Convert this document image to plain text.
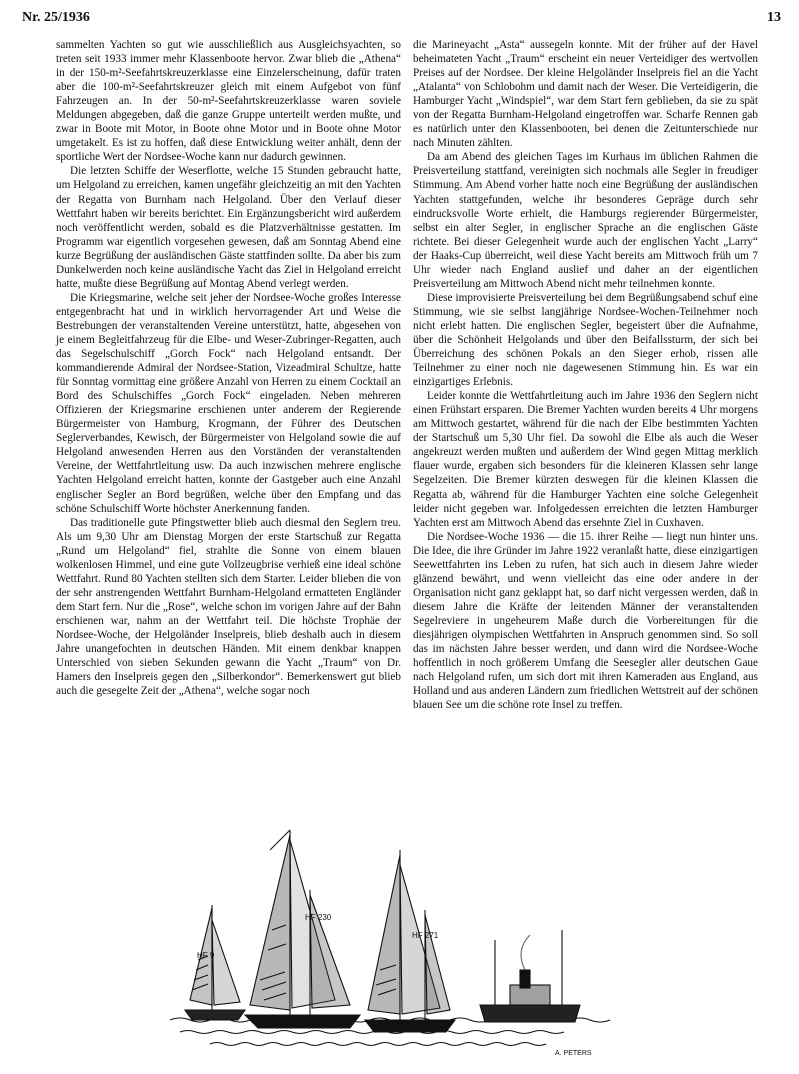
Nr. 25/1936	13

sammelten Yachten so gut wie ausschließlich aus Ausgleichsyachten, so treten seit 1933 immer mehr Klassenboote hervor. Zwar blieb die „Athena“ in der 150-m²-Seefahrtskreuzerklasse eine Einzelerscheinung, dafür traten aber die 100-m²-Seefahrtskreuzer gleich mit einem Aufgebot von fünf Fahrzeugen an. In der 50-m²-Seefahrtskreuzerklasse waren soviele Meldungen abgegeben, daß die ganze Gruppe unterteilt werden mußte, und zwar in Boote mit Motor, in Boote ohne Motor und in Boote ohne Motor umgetakelt. Es ist zu hoffen, daß diese Entwicklung weiter anhält, denn der sportliche Wert der Nordsee-Woche kann nur dadurch gewinnen.

Die letzten Schiffe der Weserflotte, welche 15 Stunden gebraucht hatte, um Helgoland zu erreichen, kamen ungefähr gleichzeitig an mit den Yachten der Regatta von Burnham nach Helgoland. Über den Verlauf dieser Wettfahrt haben wir bereits berichtet. Ein Ergänzungsbericht wird außerdem noch veröffentlicht werden, sobald es die Platzverhältnisse gestatten. Im Programm war eigentlich vorgesehen gewesen, daß am Sonntag Abend eine kurze Begrüßung der ausländischen Gäste stattfinden sollte. Da aber bis zum Dunkelwerden noch keine ausländische Yacht das Ziel in Helgoland erreicht hatte, mußte diese Begrüßung auf Montag Abend verlegt werden.

Die Kriegsmarine, welche seit jeher der Nordsee-Woche großes Interesse entgegenbracht hat und in wirklich hervorragender Art und Weise die Bestrebungen der veranstaltenden Vereine unterstützt, hatte, abgesehen von je einem Begleitfahrzeug für die Elbe- und Weser-Zubringer-Regatten, auch das Segelschulschiff „Gorch Fock“ nach Helgoland entsandt. Der kommandierende Admiral der Nordsee-Station, Vizeadmiral Schultze, hatte für Sonntag vormittag eine größere Anzahl von Herren zu einem Cocktail an Bord des Schulschiffes „Gorch Fock“ eingeladen. Neben mehreren Offizieren der Kriegsmarine erschienen unter anderem der Regierende Bürgermeister von Hamburg, Krogmann, der Führer des Deutschen Seglerverbandes, Kewisch, der Bürgermeister von Helgoland sowie die auf Helgoland anwesenden Herren aus den Vorständen der veranstaltenden Vereine, der Wettfahrtleitung usw. Da auch inzwischen mehrere englische Yachten Helgoland erreicht hatten, konnte der Gastgeber auch eine Anzahl englischer Segler an Bord begrüßen, welche über den Empfang und das schöne Schulschiff Worte höchster Anerkennung fanden.

Das traditionelle gute Pfingstwetter blieb auch diesmal den Seglern treu. Als um 9,30 Uhr am Dienstag Morgen der erste Startschuß zur Regatta „Rund um Helgoland“ fiel, strahlte die Sonne von einem blauen wolkenlosen Himmel, und eine gute Vollzeugbrise verhieß eine ideal schöne Wettfahrt. Rund 80 Yachten stellten sich dem Starter. Leider blieben die von der sehr anstrengenden Wettfahrt Burnham-Helgoland ermatteten Engländer dem Start fern. Nur die „Rose“, welche schon im vorigen Jahre auf der Bahn erschienen war, nahm an der Wettfahrt teil. Die höchste Trophäe der Nordsee-Woche, der Helgoländer Inselpreis, blieb deshalb auch in diesem Jahre unangefochten in deutschen Händen. Mit einem denkbar knappen Unterschied von sieben Sekunden gewann die Yacht „Traum“ von Dr. Hamers den Inselpreis gegen den „Silberkondor“. Bemerkenswert gut blieb auch die gesegelte Zeit der „Athena“, welche sogar noch

die Marineyacht „Asta“ aussegeln konnte. Mit der früher auf der Havel beheimateten Yacht „Traum“ erscheint ein neuer Verteidiger des wertvollen Preises auf der Nordsee. Der kleine Helgoländer Inselpreis fiel an die Yacht „Atalanta“ von Schlobohm und damit nach der Weser. Die Verteidigerin, die Hamburger Yacht „Windspiel“, war dem Start fern geblieben, da sie zu spät von der Regatta Burnham-Helgoland eingetroffen war. Scharfe Rennen gab es natürlich unter den Klassenbooten, bei denen die Zeitunterschiede nur nach Minuten zählten.

Da am Abend des gleichen Tages im Kurhaus im üblichen Rahmen die Preisverteilung stattfand, vereinigten sich nochmals alle Segler in freudiger Stimmung. Am Abend vorher hatte noch eine Begrüßung der ausländischen Yachten stattgefunden, welche ihr besonderes Gepräge durch sehr eindrucksvolle Worte erhielt, die Hamburgs regierender Bürgermeister, selbst ein alter Segler, in englischer Sprache an die englischen Gäste richtete. Bei dieser Gelegenheit wurde auch der englischen Yacht „Larry“ der Haaks-Cup überreicht, weil diese Yacht bereits am Mittwoch früh um 7 Uhr wieder nach England auslief und daher an der eigentlichen Preisverteilung am Mittwoch Abend nicht mehr teilnehmen konnte.

Diese improvisierte Preisverteilung bei dem Begrüßungsabend schuf eine Stimmung, wie sie selbst langjährige Nordsee-Wochen-Teilnehmer noch nicht erlebt hatten. Die englischen Segler, begeistert über die Aufnahme, über die Schönheit Helgolands und über den Beifallssturm, der sich bei Überreichung des schönen Pokals an den Sieger erhob, rissen alle Teilnehmer zu einer noch nie dagewesenen Stimmung hin. Es war ein einzigartiges Erlebnis.

Leider konnte die Wettfahrtleitung auch im Jahre 1936 den Seglern nicht einen Frühstart ersparen. Die Bremer Yachten wurden bereits 4 Uhr morgens am Mittwoch gestartet, während für die nach der Elbe bestimmten Yachten der Startschuß um 5,30 Uhr fiel. Da sowohl die Elbe als auch die Weser angekreuzt werden mußten und außerdem der Wind gegen Mittag merklich flauer wurde, ergaben sich besonders für die kleineren Klassen sehr lange Segelzeiten. Die Bremer kürzten deswegen für die kleinen Klassen die Regatta ab, während für die Hamburger Yachten eine solche Gelegenheit leider nicht gegeben war. Infolgedessen erreichten die letzten Hamburger Yachten erst am Mittwoch Abend das ersehnte Ziel in Cuxhaven.

Die Nordsee-Woche 1936 — die 15. ihrer Reihe — liegt nun hinter uns. Die Idee, die ihre Gründer im Jahre 1922 veranlaßt hatte, diese einzigartigen Seewettfahrten ins Leben zu rufen, hat sich auch in diesem Jahre wieder glänzend bewährt, und wenn vielleicht das eine oder andere in der Organisation nicht ganz geklappt hat, so darf nicht vergessen werden, daß in diesem Jahre die Kräfte der leitenden Männer der veranstaltenden Segelreviere in ungeheurem Maße durch die Vorbereitungen für die diesjährigen olympischen Wettfahrten in Anspruch genommen sind. So soll das im nächsten Jahre besser werden, und dann wird die Nordsee-Woche hoffentlich in noch größerem Umfang die Seesegler aller deutschen Gaue nach Helgoland rufen, um sich dort mit ihren Kameraden aus England, aus Holland und aus anderen Ländern zum friedlichen Wettstreit auf der schönen blauen See um die schöne rote Insel zu treffen.

HF 9
HF 230
HF 271
A. PETERS
